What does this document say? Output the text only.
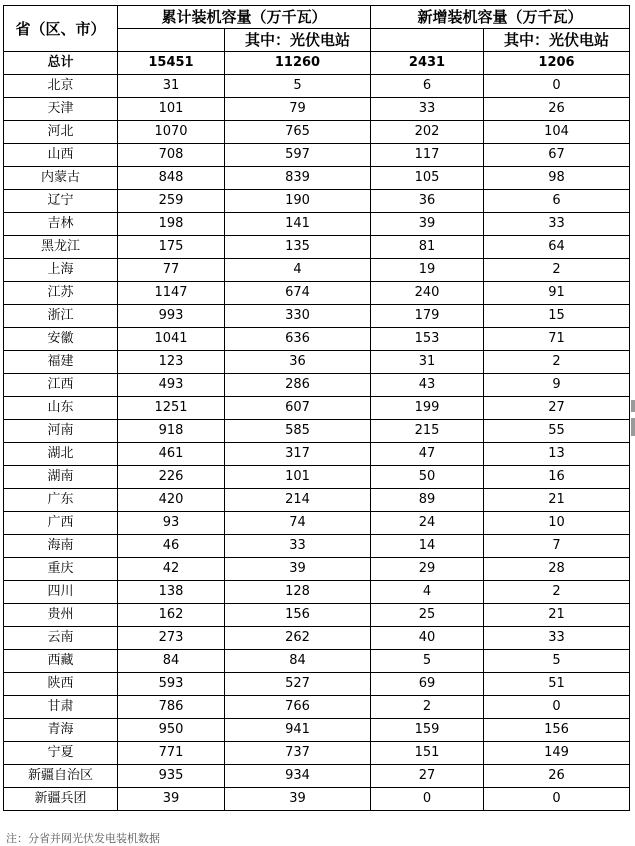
省（区、市）	累计装机容量（万千瓦）		新增装机容量（万千瓦）	
		其中：光伏电站		其中：光伏电站
总计	15451	11260	2431	1206
北京	31	5	6	0
天津	101	79	33	26
河北	1070	765	202	104
山西	708	597	117	67
内蒙古	848	839	105	98
辽宁	259	190	36	6
吉林	198	141	39	33
黑龙江	175	135	81	64
上海	77	4	19	2
江苏	1147	674	240	91
浙江	993	330	179	15
安徽	1041	636	153	71
福建	123	36	31	2
江西	493	286	43	9
山东	1251	607	199	27
河南	918	585	215	55
湖北	461	317	47	13
湖南	226	101	50	16
广东	420	214	89	21
广西	93	74	24	10
海南	46	33	14	7
重庆	42	39	29	28
四川	138	128	4	2
贵州	162	156	25	21
云南	273	262	40	33
西藏	84	84	5	5
陕西	593	527	69	51
甘肃	786	766	2	0
青海	950	941	159	156
宁夏	771	737	151	149
新疆自治区	935	934	27	26
新疆兵团	39	39	0	0
注：分省并网光伏发电装机数据
